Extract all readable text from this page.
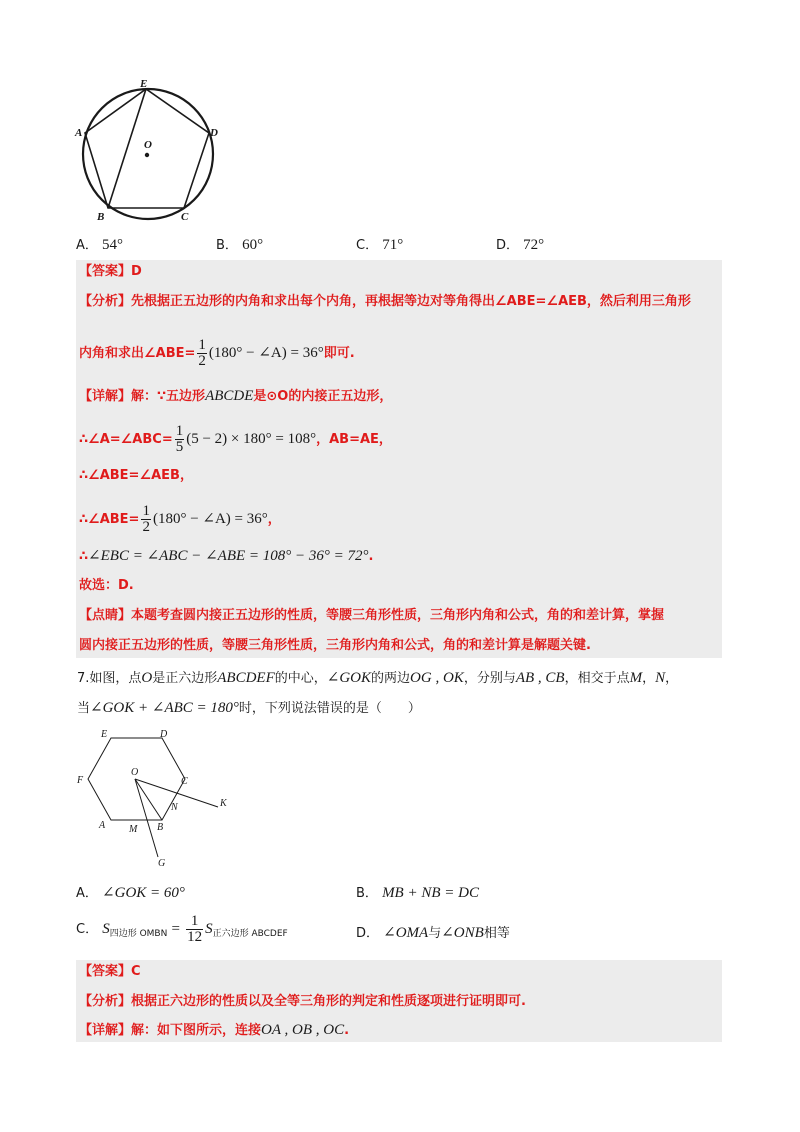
E
A	D
O
B	C
A． 54°	B． 60°	C． 71°	D． 72°
【答案】D
【分析】先根据正五边形的内角和求出每个内角，再根据等边对等角得出∠ABE=∠AEB，然后利用三角形
内角和求出∠ABE= $\frac{1}{2} (180^\circ$ − ∠A) = 36°即可.
【详解】解：∵五边形ABCDE是⊙O的内接正五边形，
∴∠A=∠ABC= $\frac{1}{5} (5 - 2) \times 180^\circ = 108^\circ$，AB=AE，
∴∠ABE=∠AEB，
∴∠ABE= $\frac{1}{2} (180^\circ$ − ∠A) = 36°，
∴∠EBC = ∠ABC − ∠ABE = 108° − 36° = 72°.
故选：D.
【点睛】本题考查圆内接正五边形的性质，等腰三角形性质，三角形内角和公式，角的和差计算，掌握
圆内接正五边形的性质，等腰三角形性质，三角形内角和公式，角的和差计算是解题关键.
7.如图，点O是正六边形ABCDEF的中心，∠GOK的两边OG , OK，分别与AB , CB，相交于点M，N，
当∠GOK + ∠ABC = 180°时，下列说法错误的是（　　）
E	D
F
O
C
N	K
A M B
G
A． ∠GOK = 60°	B． MB + NB = DC
C． $S_{四边形 OMBN} = \frac{1}{12} S_{正六边形 ABCDEF}$	D． ∠OMA与∠ONB相等
【答案】C
【分析】根据正六边形的性质以及全等三角形的判定和性质逐项进行证明即可.
【详解】解：如下图所示，连接OA , OB , OC.
